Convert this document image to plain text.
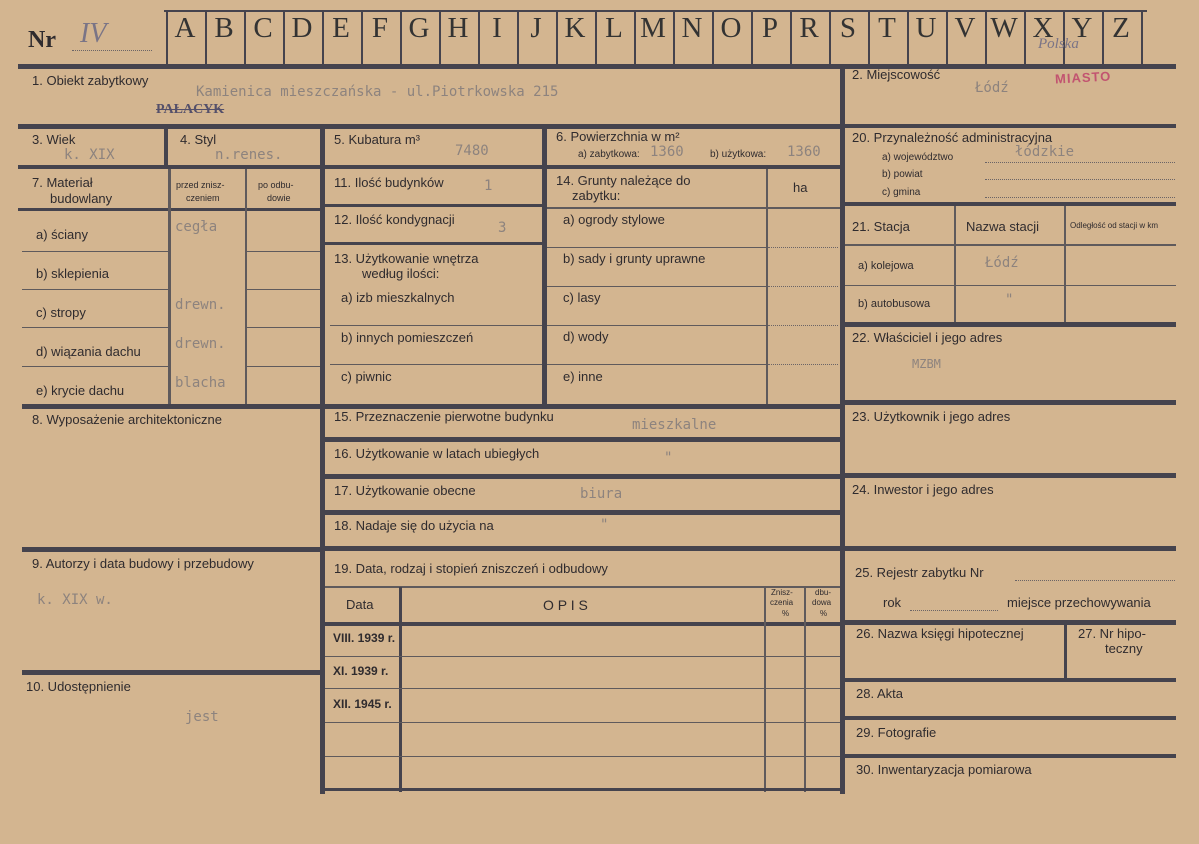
Nr IV A B C D E F G H I J K L M N O P R S T U V W X Y Z
Polska
1. Obiekt zabytkowy
Kamienica mieszczańska - ul.Piotrkowska 215
PAŁACYK
2. Miejscowość
Łódź
MIASTO
3. Wiek
k. XIX
4. Styl
n.renes.
5. Kubatura m³
7480
6. Powierzchnia w m²
a) zabytkowa: 1360	b) użytkowa: 1360
20. Przynależność administracyjna
a) województwo	łódzkie
b) powiat
c) gmina
7. Materiał
budowlany
przed znisz-
czeniem
po odbu-
dowie
a) ściany	cegła
b) sklepienia
c) stropy	drewn.
d) wiązania dachu drewn.
e) krycie dachu	blacha
11. Ilość budynków	1
12. Ilość kondygnacji
3
13. Użytkowanie wnętrza
według ilości:
a) izb mieszkalnych
b) innych pomieszczeń
c) piwnic
14. Grunty należące do
zabytku:
ha
a) ogrody stylowe
b) sady i grunty uprawne
c) lasy
d) wody
e) inne
21. Stacja	Nazwa stacji	Odległość od stacji w km
a) kolejowa	Łódź
b) autobusowa	"
22. Właściciel i jego adres
MZBM
8. Wyposażenie architektoniczne	15. Przeznaczenie pierwotne budynku
mieszkalne
16. Użytkowanie w latach ubiegłych	"
17. Użytkowanie obecne	biura
18. Nadaje się do użycia na	"
23. Użytkownik i jego adres
24. Inwestor i jego adres
9. Autorzy i data budowy i przebudowy
k. XIX w.
19. Data, rodzaj i stopień zniszczeń i odbudowy
Data	O P I S
Znisz-
czenia
%
dbu-
dowa
%
VIII. 1939 r.
XI. 1939 r.
XII. 1945 r.
25. Rejestr zabytku Nr
rok	miejsce przechowywania
10. Udostępnienie
jest
26. Nazwa księgi hipotecznej	27. Nr hipo-
teczny
28. Akta
29. Fotografie
30. Inwentaryzacja pomiarowa
